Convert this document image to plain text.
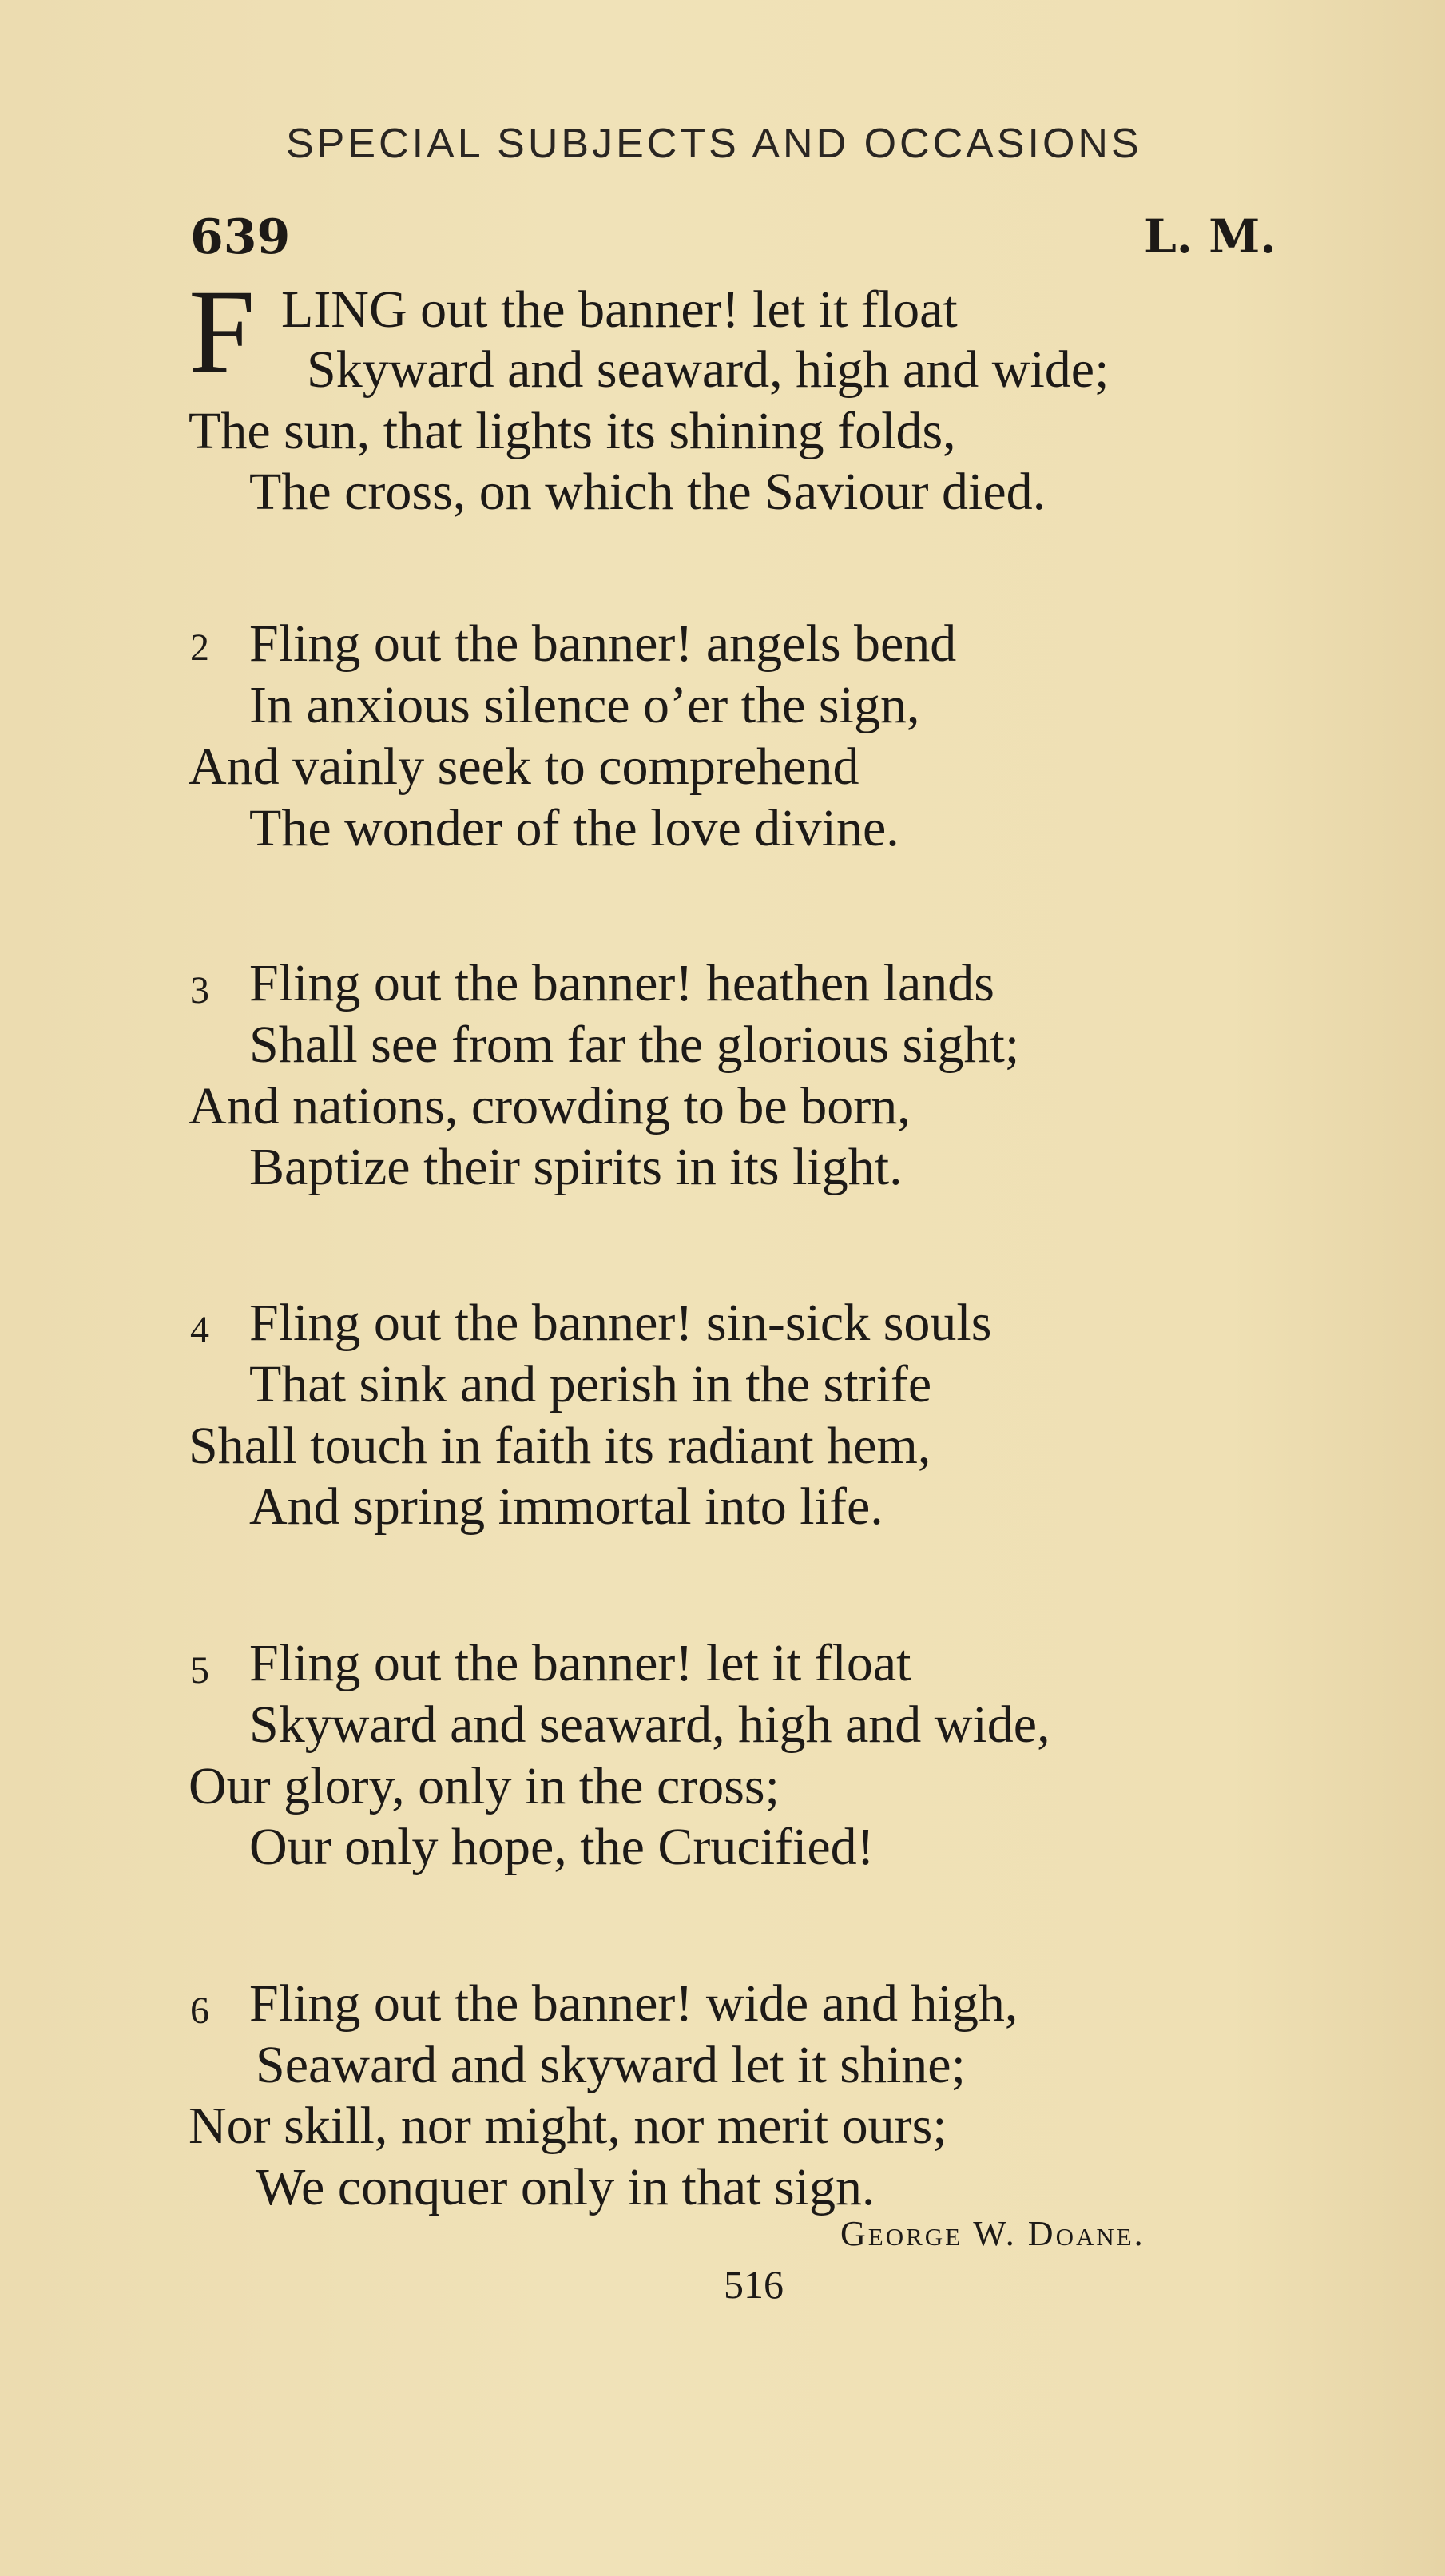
SPECIAL SUBJECTS AND OCCASIONS
639	L. M.
F LING out the banner! let it float
Skyward and seaward, high and wide;
The sun, that lights its shining folds,
The cross, on which the Saviour died.
2 Fling out the banner! angels bend
In anxious silence o’er the sign,
And vainly seek to comprehend
The wonder of the love divine.
3 Fling out the banner! heathen lands
Shall see from far the glorious sight;
And nations, crowding to be born,
Baptize their spirits in its light.
4 Fling out the banner! sin-sick souls
That sink and perish in the strife
Shall touch in faith its radiant hem,
And spring immortal into life.
5 Fling out the banner! let it float
Skyward and seaward, high and wide,
Our glory, only in the cross;
Our only hope, the Crucified!
6 Fling out the banner! wide and high,
Seaward and skyward let it shine;
Nor skill, nor might, nor merit ours;
We conquer only in that sign.
George W. Doane.
516
